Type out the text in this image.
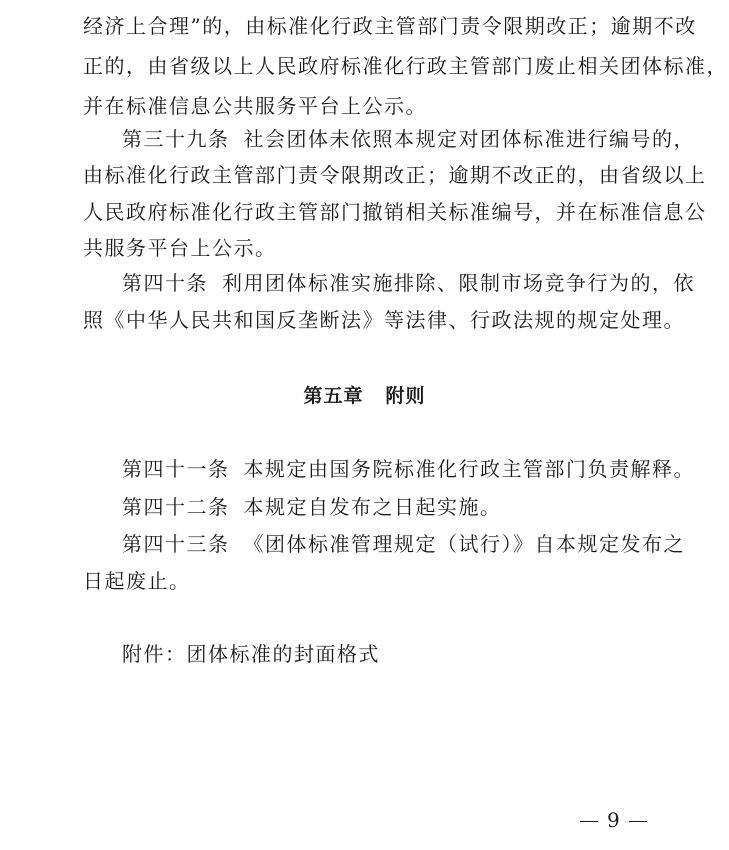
经济上合理”的，由标准化行政主管部门责令限期改正；逾期不改
正的，由省级以上人民政府标准化行政主管部门废止相关团体标准，
并在标准信息公共服务平台上公示。
第三十九条 社会团体未依照本规定对团体标准进行编号的，
由标准化行政主管部门责令限期改正；逾期不改正的，由省级以上
人民政府标准化行政主管部门撤销相关标准编号，并在标准信息公
共服务平台上公示。
第四十条 利用团体标准实施排除、限制市场竞争行为的，依
照《中华人民共和国反垄断法》等法律、行政法规的规定处理。
第五章 附则
第四十一条 本规定由国务院标准化行政主管部门负责解释。
第四十二条 本规定自发布之日起实施。
第四十三条 《团体标准管理规定（试行）》自本规定发布之
日起废止。
附件：团体标准的封面格式
9
